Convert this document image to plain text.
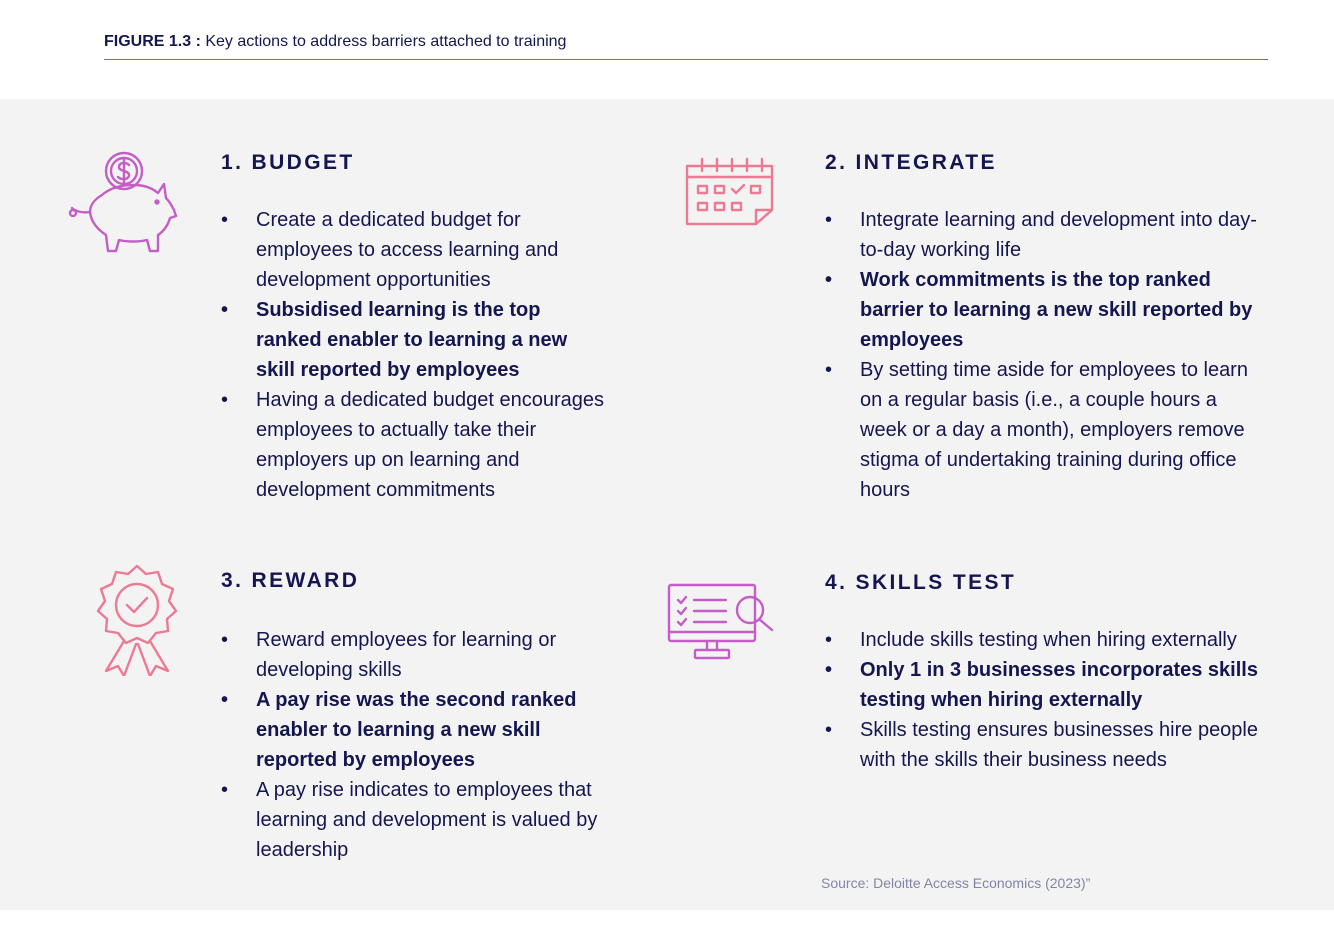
FIGURE 1.3 : Key actions to address barriers attached to training
1. BUDGET
• Create a dedicated budget for employees to access learning and development opportunities
• Subsidised learning is the top ranked enabler to learning a new skill reported by employees
• Having a dedicated budget encourages employees to actually take their employers up on learning and development commitments
2. INTEGRATE
• Integrate learning and development into day-to-day working life
• Work commitments is the top ranked barrier to learning a new skill reported by employees
• By setting time aside for employees to learn on a regular basis (i.e., a couple hours a week or a day a month), employers remove stigma of undertaking training during office hours
3. REWARD
• Reward employees for learning or developing skills
• A pay rise was the second ranked enabler to learning a new skill reported by employees
• A pay rise indicates to employees that learning and development is valued by leadership
4. SKILLS TEST
• Include skills testing when hiring externally
• Only 1 in 3 businesses incorporates skills testing when hiring externally
• Skills testing ensures businesses hire people with the skills their business needs
Source: Deloitte Access Economics (2023)”
